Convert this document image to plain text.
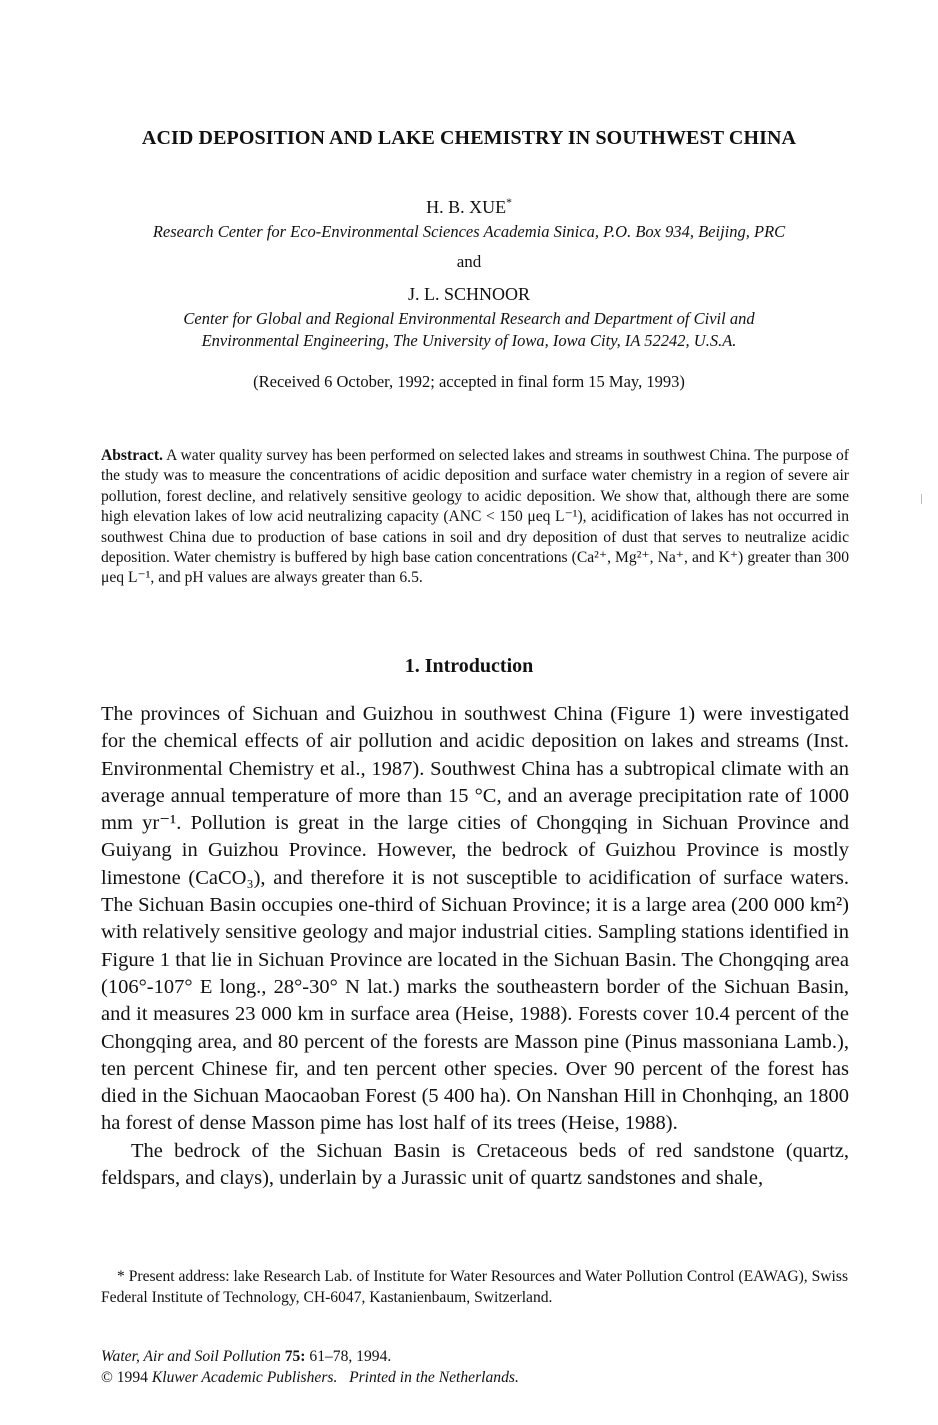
ACID DEPOSITION AND LAKE CHEMISTRY IN SOUTHWEST CHINA
H. B. XUE*
Research Center for Eco-Environmental Sciences Academia Sinica, P.O. Box 934, Beijing, PRC
and
J. L. SCHNOOR
Center for Global and Regional Environmental Research and Department of Civil and
Environmental Engineering, The University of Iowa, Iowa City, IA 52242, U.S.A.
(Received 6 October, 1992; accepted in final form 15 May, 1993)
Abstract. A water quality survey has been performed on selected lakes and streams in southwest China. The purpose of the study was to measure the concentrations of acidic deposition and surface water chemistry in a region of severe air pollution, forest decline, and relatively sensitive geology to acidic deposition. We show that, although there are some high elevation lakes of low acid neutralizing capacity (ANC < 150 μeq L⁻¹), acidification of lakes has not occurred in southwest China due to production of base cations in soil and dry deposition of dust that serves to neutralize acidic deposition. Water chemistry is buffered by high base cation concentrations (Ca²⁺, Mg²⁺, Na⁺, and K⁺) greater than 300 μeq L⁻¹, and pH values are always greater than 6.5.
1. Introduction

The provinces of Sichuan and Guizhou in southwest China (Figure 1) were investigated for the chemical effects of air pollution and acidic deposition on lakes and streams (Inst. Environmental Chemistry et al., 1987). Southwest China has a subtropical climate with an average annual temperature of more than 15 °C, and an average precipitation rate of 1000 mm yr⁻¹. Pollution is great in the large cities of Chongqing in Sichuan Province and Guiyang in Guizhou Province. However, the bedrock of Guizhou Province is mostly limestone (CaCO₃), and therefore it is not susceptible to acidification of surface waters. The Sichuan Basin occupies one-third of Sichuan Province; it is a large area (200 000 km²) with relatively sensitive geology and major industrial cities. Sampling stations identified in Figure 1 that lie in Sichuan Province are located in the Sichuan Basin. The Chongqing area (106°-107° E long., 28°-30° N lat.) marks the southeastern border of the Sichuan Basin, and it measures 23 000 km in surface area (Heise, 1988). Forests cover 10.4 percent of the Chongqing area, and 80 percent of the forests are Masson pine (Pinus massoniana Lamb.), ten percent Chinese fir, and ten percent other species. Over 90 percent of the forest has died in the Sichuan Maocaoban Forest (5 400 ha). On Nanshan Hill in Chonhqing, an 1800 ha forest of dense Masson pime has lost half of its trees (Heise, 1988).

The bedrock of the Sichuan Basin is Cretaceous beds of red sandstone (quartz, feldspars, and clays), underlain by a Jurassic unit of quartz sandstones and shale,

* Present address: lake Research Lab. of Institute for Water Resources and Water Pollution Control (EAWAG), Swiss Federal Institute of Technology, CH-6047, Kastanienbaum, Switzerland.
Water, Air and Soil Pollution 75: 61–78, 1994.
© 1994 Kluwer Academic Publishers. Printed in the Netherlands.
